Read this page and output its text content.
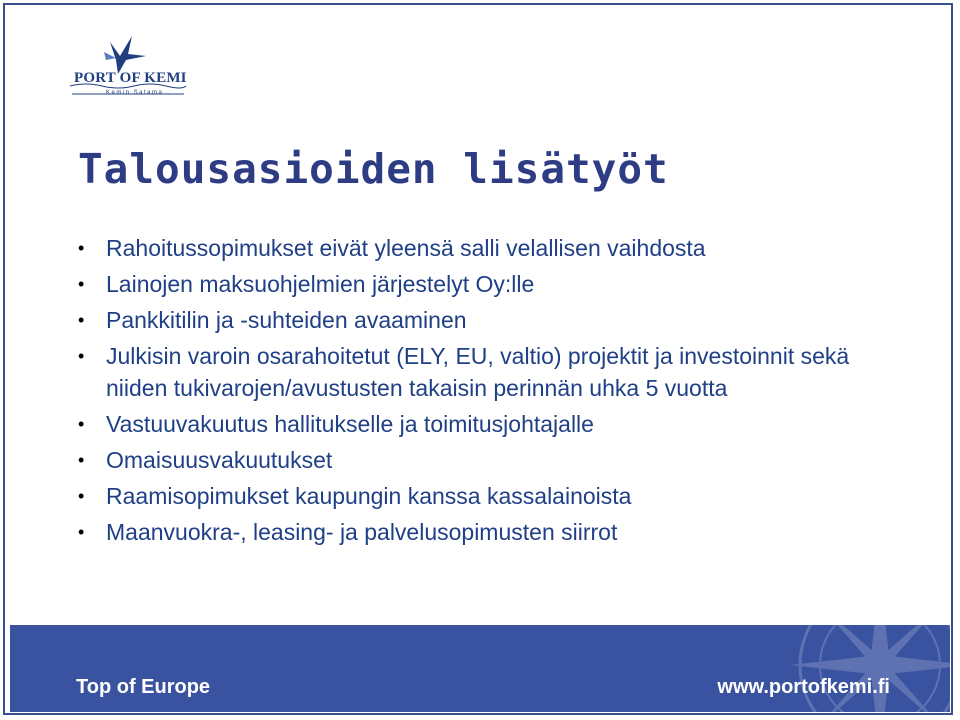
PORT OF KEMI
Kemin Satama
Talousasioiden lisätyöt
• Rahoitussopimukset eivät yleensä salli velallisen vaihdosta
• Lainojen maksuohjelmien järjestelyt Oy:lle
• Pankkitilin ja -suhteiden avaaminen
• Julkisin varoin osarahoitetut (ELY, EU, valtio) projektit ja investoinnit sekä niiden tukivarojen/avustusten takaisin perinnän uhka 5 vuotta
• Vastuuvakuutus hallitukselle ja toimitusjohtajalle
• Omaisuusvakuutukset
• Raamisopimukset kaupungin kanssa kassalainoista
• Maanvuokra-, leasing- ja palvelusopimusten siirrot
Top of Europe	www.portofkemi.fi
